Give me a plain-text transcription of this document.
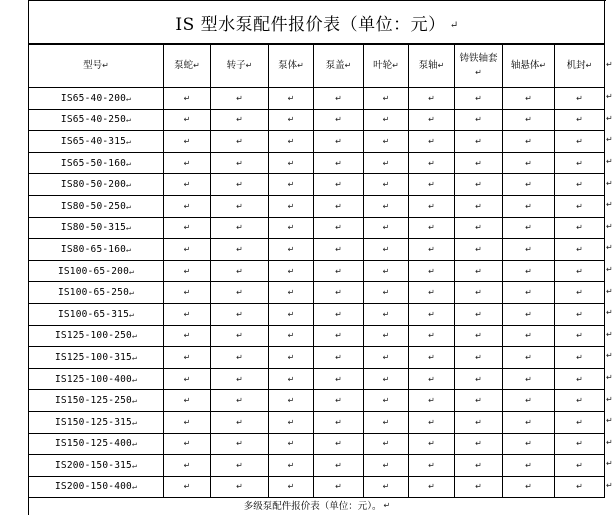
IS 型水泵配件报价表（单位：元） ↵
型号↵	泵蛇↵	转子↵	泵体↵	泵盖↵	叶轮↵	泵轴↵	铸铁轴套↵	轴悬体↵	机封↵
IS65-40-200↵	↵	↵	↵	↵	↵	↵	↵	↵	↵
IS65-40-250↵	↵	↵	↵	↵	↵	↵	↵	↵	↵
IS65-40-315↵	↵	↵	↵	↵	↵	↵	↵	↵	↵
IS65-50-160↵	↵	↵	↵	↵	↵	↵	↵	↵	↵
IS80-50-200↵	↵	↵	↵	↵	↵	↵	↵	↵	↵
IS80-50-250↵	↵	↵	↵	↵	↵	↵	↵	↵	↵
IS80-50-315↵	↵	↵	↵	↵	↵	↵	↵	↵	↵
IS80-65-160↵	↵	↵	↵	↵	↵	↵	↵	↵	↵
IS100-65-200↵	↵	↵	↵	↵	↵	↵	↵	↵	↵
IS100-65-250↵	↵	↵	↵	↵	↵	↵	↵	↵	↵
IS100-65-315↵	↵	↵	↵	↵	↵	↵	↵	↵	↵
IS125-100-250↵	↵	↵	↵	↵	↵	↵	↵	↵	↵
IS125-100-315↵	↵	↵	↵	↵	↵	↵	↵	↵	↵
IS125-100-400↵	↵	↵	↵	↵	↵	↵	↵	↵	↵
IS150-125-250↵	↵	↵	↵	↵	↵	↵	↵	↵	↵
IS150-125-315↵	↵	↵	↵	↵	↵	↵	↵	↵	↵
IS150-125-400↵	↵	↵	↵	↵	↵	↵	↵	↵	↵
IS200-150-315↵	↵	↵	↵	↵	↵	↵	↵	↵	↵
IS200-150-400↵	↵	↵	↵	↵	↵	↵	↵	↵	↵
↵
↵
↵
↵
↵
↵
↵
↵
↵
↵
↵
↵
↵
↵
↵
↵
↵
↵
↵
↵
多级泵配件报价表（单位：元）。 ↵
